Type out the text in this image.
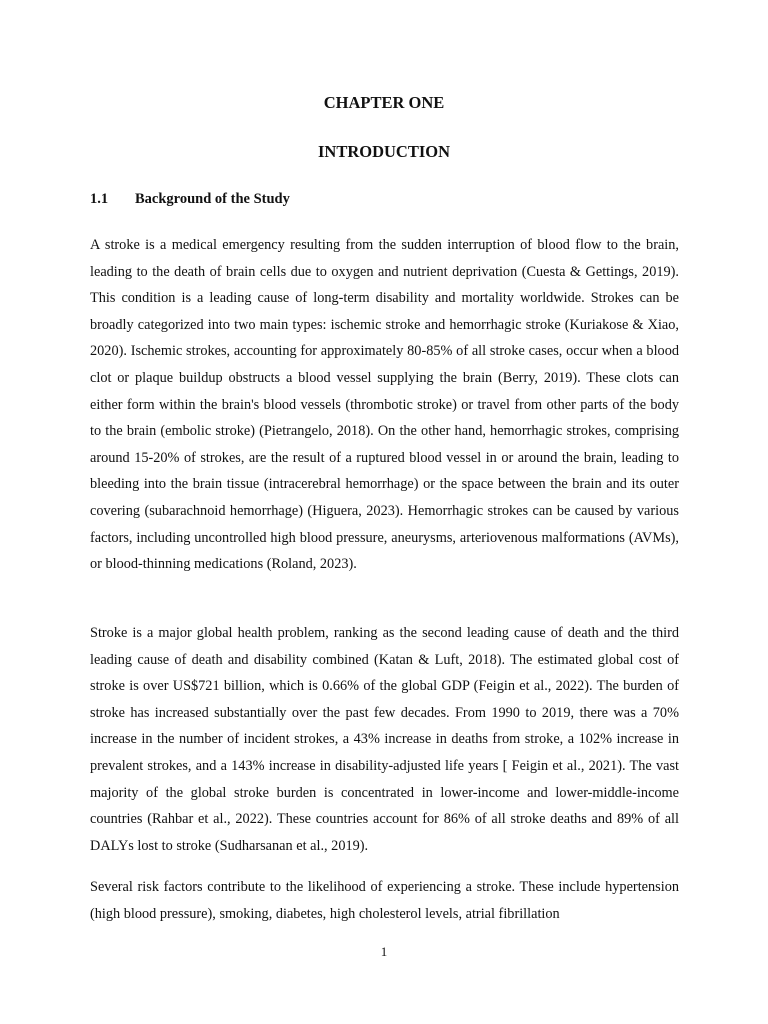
CHAPTER ONE
INTRODUCTION
1.1 Background of the Study

A stroke is a medical emergency resulting from the sudden interruption of blood flow to the brain, leading to the death of brain cells due to oxygen and nutrient deprivation (Cuesta & Gettings, 2019). This condition is a leading cause of long-term disability and mortality worldwide. Strokes can be broadly categorized into two main types: ischemic stroke and hemorrhagic stroke (Kuriakose & Xiao, 2020). Ischemic strokes, accounting for approximately 80-85% of all stroke cases, occur when a blood clot or plaque buildup obstructs a blood vessel supplying the brain (Berry, 2019). These clots can either form within the brain's blood vessels (thrombotic stroke) or travel from other parts of the body to the brain (embolic stroke) (Pietrangelo, 2018). On the other hand, hemorrhagic strokes, comprising around 15-20% of strokes, are the result of a ruptured blood vessel in or around the brain, leading to bleeding into the brain tissue (intracerebral hemorrhage) or the space between the brain and its outer covering (subarachnoid hemorrhage) (Higuera, 2023). Hemorrhagic strokes can be caused by various factors, including uncontrolled high blood pressure, aneurysms, arteriovenous malformations (AVMs), or blood-thinning medications (Roland, 2023).

Stroke is a major global health problem, ranking as the second leading cause of death and the third leading cause of death and disability combined (Katan & Luft, 2018). The estimated global cost of stroke is over US$721 billion, which is 0.66% of the global GDP (Feigin et al., 2022). The burden of stroke has increased substantially over the past few decades. From 1990 to 2019, there was a 70% increase in the number of incident strokes, a 43% increase in deaths from stroke, a 102% increase in prevalent strokes, and a 143% increase in disability-adjusted life years [ Feigin et al., 2021). The vast majority of the global stroke burden is concentrated in lower-income and lower-middle-income countries (Rahbar et al., 2022). These countries account for 86% of all stroke deaths and 89% of all DALYs lost to stroke (Sudharsanan et al., 2019).

Several risk factors contribute to the likelihood of experiencing a stroke. These include hypertension (high blood pressure), smoking, diabetes, high cholesterol levels, atrial fibrillation

1
